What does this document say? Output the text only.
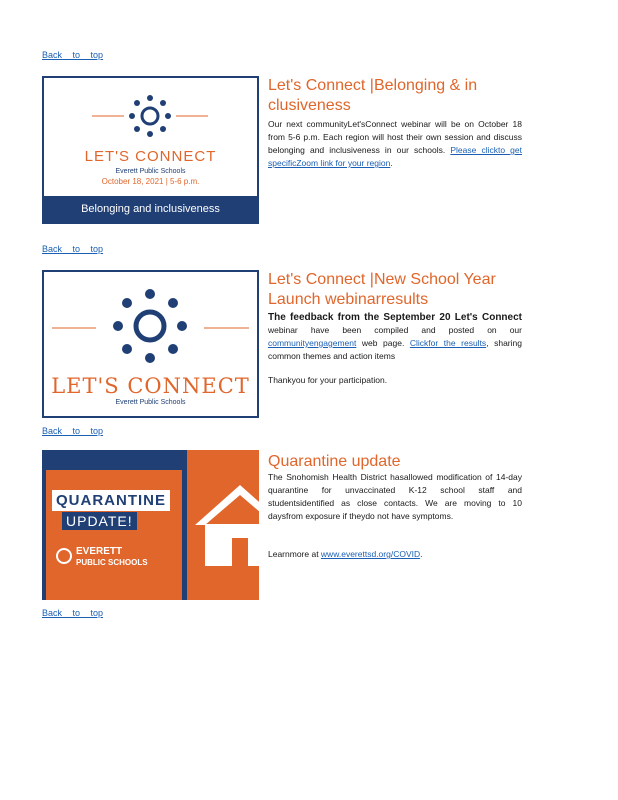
Back to top
LET'S CONNECT
Everett Public Schools
October 18, 2021 | 5-6 p.m.
Belonging and inclusiveness
Let's Connect |Belonging & in clusiveness

Our next communityLet'sConnect webinar will be on October 18 from 5-6 p.m. Each region will host their own session and discuss belonging and inclusiveness in our schools. Please clickto get specificZoom link for your region.

Back to top
LET'S CONNECT
Everett Public Schools
Let's Connect |New School Year Launch webinarresults

The feedback from the September 20 Let's Connect webinar have been compiled and posted on our communityengagement web page. Clickfor the results, sharing common themes and action items

Thankyou for your participation.

Back to top
QUARANTINE
UPDATE!
EVERETT
PUBLIC SCHOOLS
Quarantine update

The Snohomish Health District hasallowed modification of 14-day quarantine for unvaccinated K-12 school staff and studentsidentified as close contacts. We are moving to 10 daysfrom exposure if theydo not have symptoms.

Learnmore at www.everettsd.org/COVID.

Back to top
